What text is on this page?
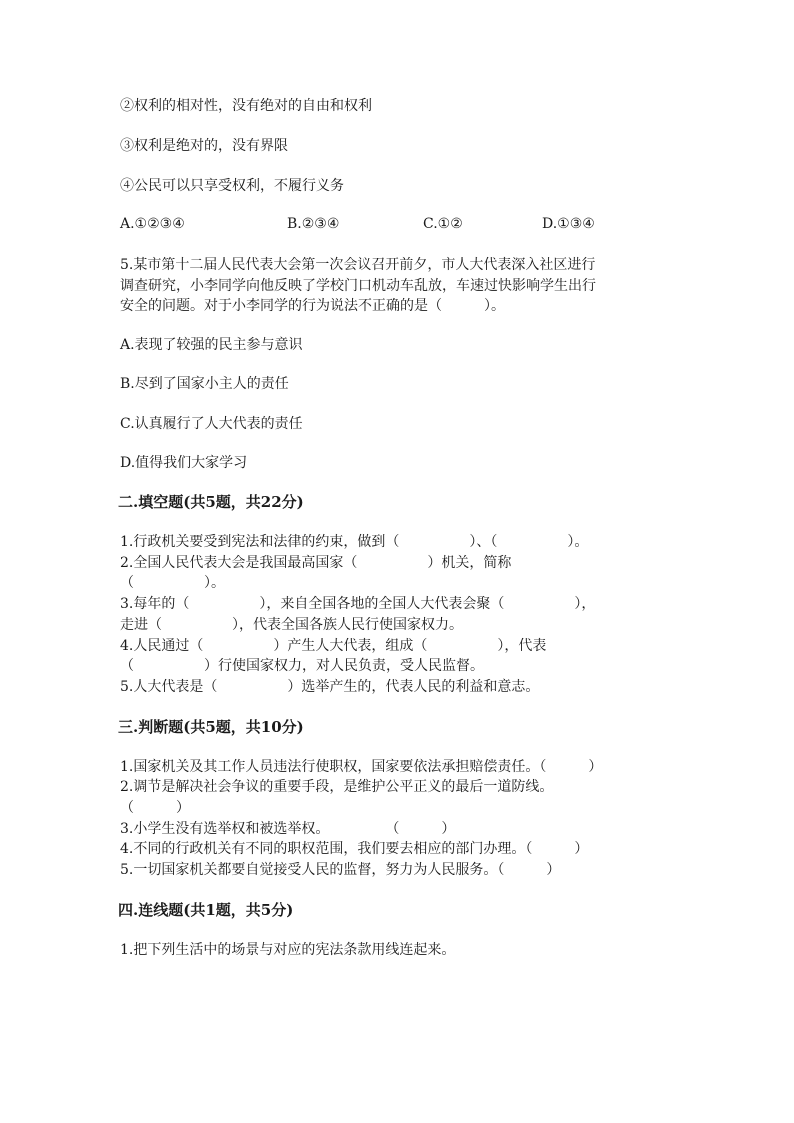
②权利的相对性，没有绝对的自由和权利

③权利是绝对的，没有界限

④公民可以只享受权利，不履行义务

A.①②③④	B.②③④	C.①②	D.①③④

5.某市第十二届人民代表大会第一次会议召开前夕，市人大代表深入社区进行

调查研究，小李同学向他反映了学校门口机动车乱放，车速过快影响学生出行

安全的问题。对于小李同学的行为说法不正确的是（　　　）。

A.表现了较强的民主参与意识

B.尽到了国家小主人的责任

C.认真履行了人大代表的责任

D.值得我们大家学习

二.填空题(共5题，共22分)

1.行政机关要受到宪法和法律的约束，做到（　　　　　）、（　　　　　）。

2.全国人民代表大会是我国最高国家（　　　　　）机关，简称

（　　　　　）。

3.每年的（　　　　　），来自全国各地的全国人大代表会聚（　　　　　），

走进（　　　　　），代表全国各族人民行使国家权力。

4.人民通过（　　　　　）产生人大代表，组成（　　　　　），代表

（　　　　　）行使国家权力，对人民负责，受人民监督。

5.人大代表是（　　　　　）选举产生的，代表人民的利益和意志。

三.判断题(共5题，共10分)

1.国家机关及其工作人员违法行使职权，国家要依法承担赔偿责任。（　　　）

2.调节是解决社会争议的重要手段，是维护公平正义的最后一道防线。

（　　　）

3.小学生没有选举权和被选举权。　　　　　（　　　）

4.不同的行政机关有不同的职权范围，我们要去相应的部门办理。（　　　）

5.一切国家机关都要自觉接受人民的监督，努力为人民服务。（　　　）

四.连线题(共1题，共5分)

1.把下列生活中的场景与对应的宪法条款用线连起来。
